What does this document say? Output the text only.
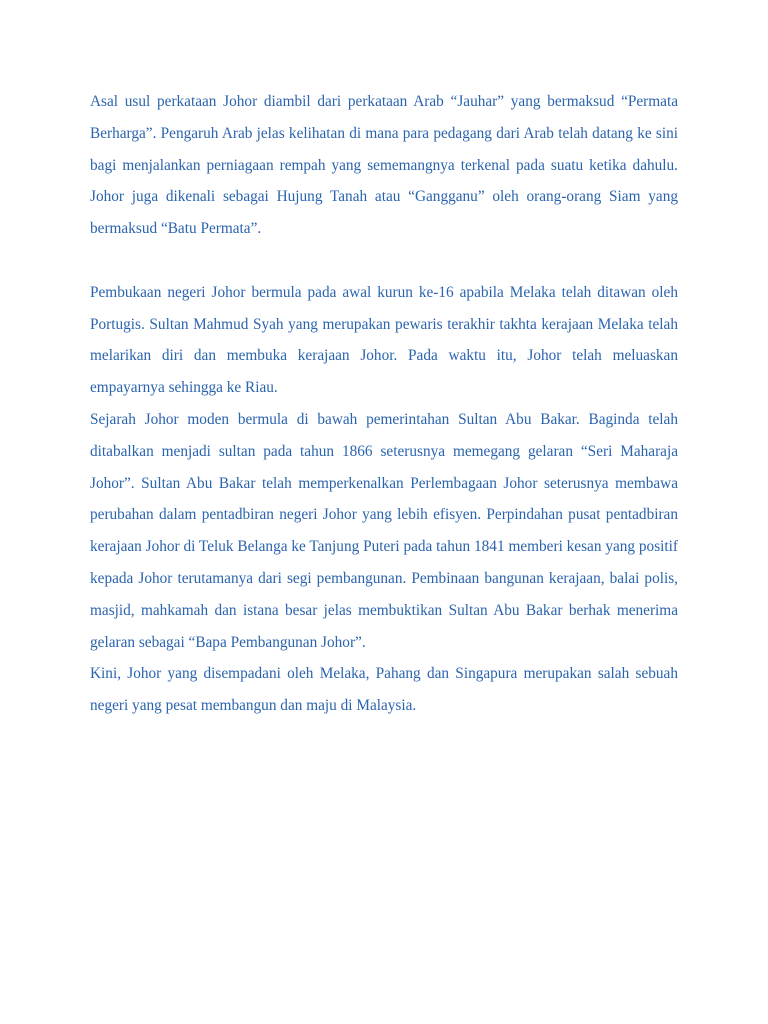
Asal usul perkataan Johor diambil dari perkataan Arab “Jauhar” yang bermaksud “Permata Berharga”. Pengaruh Arab jelas kelihatan di mana para pedagang dari Arab telah datang ke sini bagi menjalankan perniagaan rempah yang sememangnya terkenal pada suatu ketika dahulu. Johor juga dikenali sebagai Hujung Tanah atau “Gangganu” oleh orang-orang Siam yang bermaksud “Batu Permata”.

Pembukaan negeri Johor bermula pada awal kurun ke-16 apabila Melaka telah ditawan oleh Portugis. Sultan Mahmud Syah yang merupakan pewaris terakhir takhta kerajaan Melaka telah melarikan diri dan membuka kerajaan Johor. Pada waktu itu, Johor telah meluaskan empayarnya sehingga ke Riau.

Sejarah Johor moden bermula di bawah pemerintahan Sultan Abu Bakar. Baginda telah ditabalkan menjadi sultan pada tahun 1866 seterusnya memegang gelaran “Seri Maharaja Johor”. Sultan Abu Bakar telah memperkenalkan Perlembagaan Johor seterusnya membawa perubahan dalam pentadbiran negeri Johor yang lebih efisyen. Perpindahan pusat pentadbiran kerajaan Johor di Teluk Belanga ke Tanjung Puteri pada tahun 1841 memberi kesan yang positif kepada Johor terutamanya dari segi pembangunan. Pembinaan bangunan kerajaan, balai polis, masjid, mahkamah dan istana besar jelas membuktikan Sultan Abu Bakar berhak menerima gelaran sebagai “Bapa Pembangunan Johor”.

Kini, Johor yang disempadani oleh Melaka, Pahang dan Singapura merupakan salah sebuah negeri yang pesat membangun dan maju di Malaysia.
